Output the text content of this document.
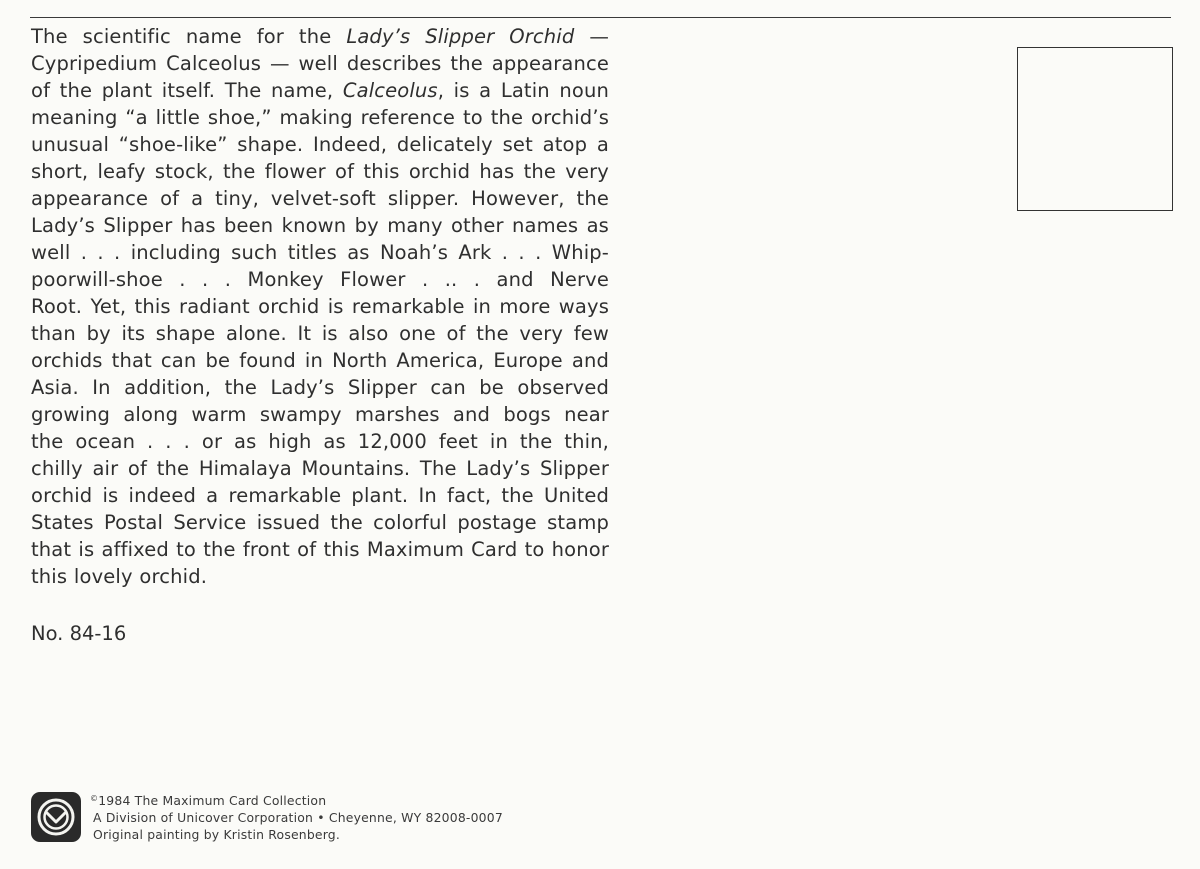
The scientific name for the Lady’s Slipper Orchid —
Cypripedium Calceolus — well describes the appearance
of the plant itself. The name, Calceolus, is a Latin noun
meaning “a little shoe,” making reference to the orchid’s
unusual “shoe-like” shape. Indeed, delicately set atop a
short, leafy stock, the flower of this orchid has the very
appearance of a tiny, velvet-soft slipper. However, the
Lady’s Slipper has been known by many other names as
well . . . including such titles as Noah’s Ark . . . Whip-
poorwill-shoe . . . Monkey Flower . .. . and Nerve
Root. Yet, this radiant orchid is remarkable in more ways
than by its shape alone. It is also one of the very few
orchids that can be found in North America, Europe and
Asia. In addition, the Lady’s Slipper can be observed
growing along warm swampy marshes and bogs near
the ocean . . . or as high as 12,000 feet in the thin,
chilly air of the Himalaya Mountains. The Lady’s Slipper
orchid is indeed a remarkable plant. In fact, the United
States Postal Service issued the colorful postage stamp
that is affixed to the front of this Maximum Card to honor
this lovely orchid.
No. 84-16
©1984 The Maximum Card Collection
A Division of Unicover Corporation • Cheyenne, WY 82008-0007
Original painting by Kristin Rosenberg.
